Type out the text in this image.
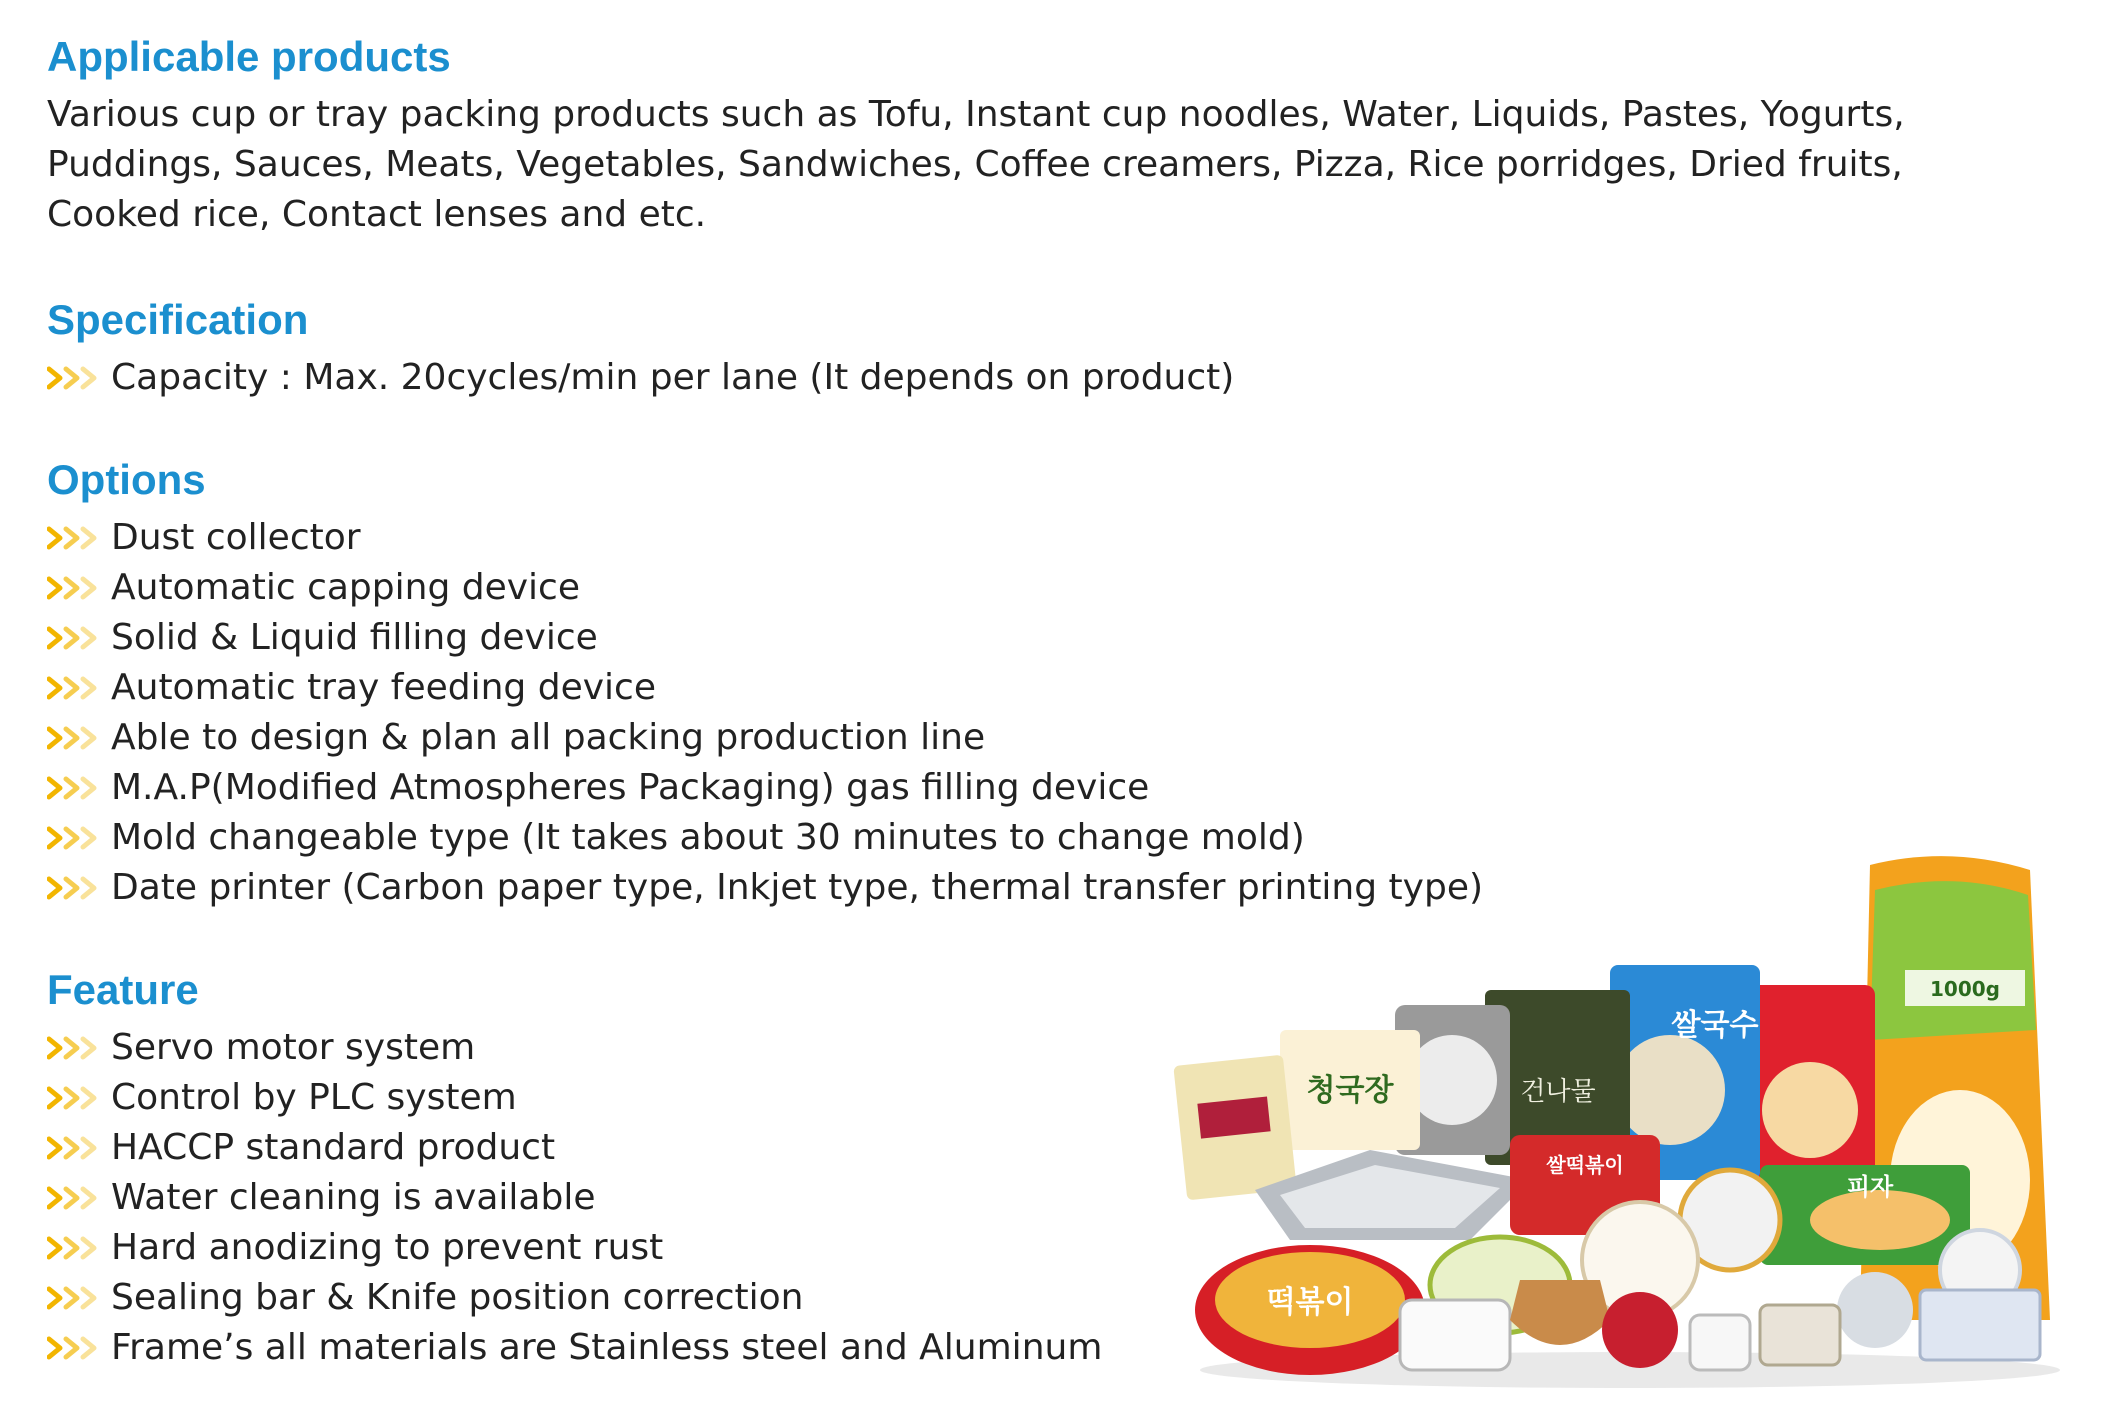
Applicable products

Various cup or tray packing products such as Tofu, Instant cup noodles, Water, Liquids, Pastes, Yogurts, Puddings, Sauces, Meats, Vegetables, Sandwiches, Coffee creamers, Pizza, Rice porridges, Dried fruits, Cooked rice, Contact lenses and etc.

Specification
Capacity : Max. 20cycles/min per lane (It depends on product)
Options
Dust collector
Automatic capping device
Solid & Liquid filling device
Automatic tray feeding device
Able to design & plan all packing production line
M.A.P(Modified Atmospheres Packaging) gas filling device
Mold changeable type (It takes about 30 minutes to change mold)
Date printer (Carbon paper type, Inkjet type, thermal transfer printing type)
Feature
Servo motor system
Control by PLC system
HACCP standard product
Water cleaning is available
Hard anodizing to prevent rust
Sealing bar & Knife position correction
Frame’s all materials are Stainless steel and Aluminum
1000g
쌀국수
건나물
청국장
쌀떡볶이
피자
떡볶이
